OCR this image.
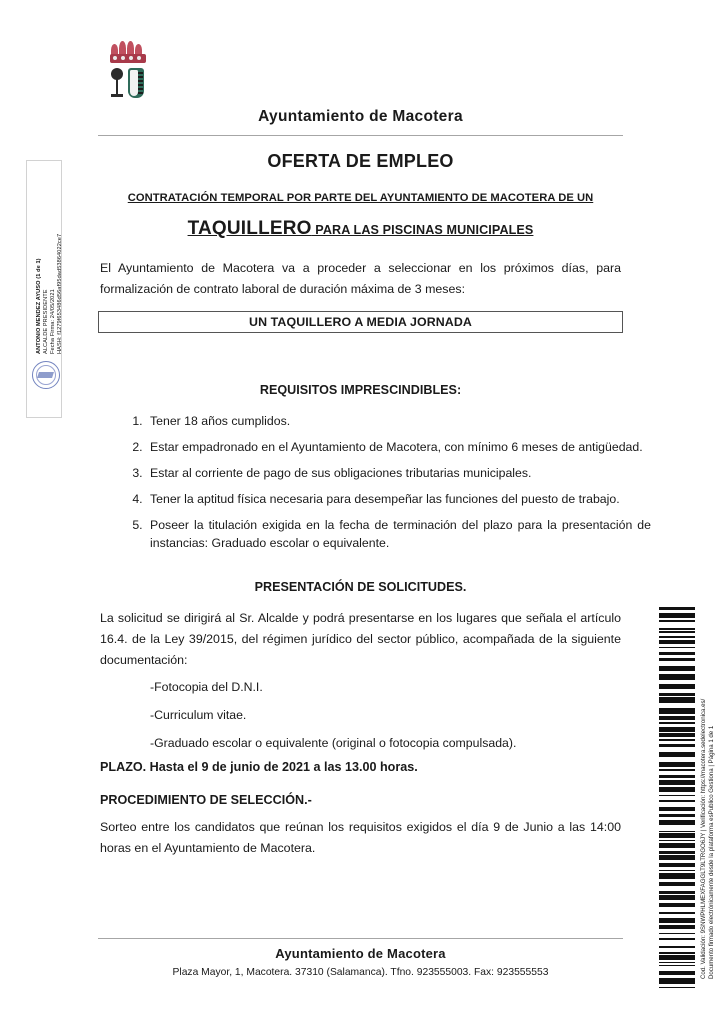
ANTONIO MENDEZ AYUSO (1 de 1) ALCALDE PRESIDENTE Fecha Firma: 24/05/2021 HASH: f1279f653486d56af95dad53864022ce7
Ayuntamiento de Macotera
OFERTA DE EMPLEO
CONTRATACIÓN TEMPORAL POR PARTE DEL AYUNTAMIENTO DE MACOTERA DE UN
TAQUILLERO PARA LAS PISCINAS MUNICIPALES
El Ayuntamiento de Macotera va a proceder a seleccionar en los próximos días, para formalización de contrato laboral de duración máxima de 3 meses:
UN TAQUILLERO A MEDIA JORNADA
REQUISITOS IMPRESCINDIBLES:
1. Tener 18 años cumplidos.
2. Estar empadronado en el Ayuntamiento de Macotera, con mínimo 6 meses de antigüedad.
3. Estar al corriente de pago de sus obligaciones tributarias municipales.
4. Tener la aptitud física necesaria para desempeñar las funciones del puesto de trabajo.
5. Poseer la titulación exigida en la fecha de terminación del plazo para la presentación de instancias: Graduado escolar o equivalente.
PRESENTACIÓN DE SOLICITUDES.
La solicitud se dirigirá al Sr. Alcalde y podrá presentarse en los lugares que señala el artículo 16.4. de la Ley 39/2015, del régimen jurídico del sector público, acompañada de la siguiente documentación:
-Fotocopia del D.N.I.
-Curriculum vitae.
-Graduado escolar o equivalente (original o fotocopia compulsada).
PLAZO. Hasta el 9 de junio de 2021 a las 13.00 horas.
PROCEDIMIENTO DE SELECCIÓN.-
Sorteo entre los candidatos que reúnan los requisitos exigidos el día 9 de Junio a las 14:00 horas en el Ayuntamiento de Macotera.
Ayuntamiento de Macotera
Plaza Mayor, 1, Macotera. 37310 (Salamanca). Tfno. 923555003. Fax: 923555553	Cod. Validación: 9SNWPHLMEXFAGGLT9LTRGO6JY | Verificación: https://macotera.sedelectronica.es/ Documento firmado electrónicamente desde la plataforma esPublico Gestiona | Página 1 de 1
